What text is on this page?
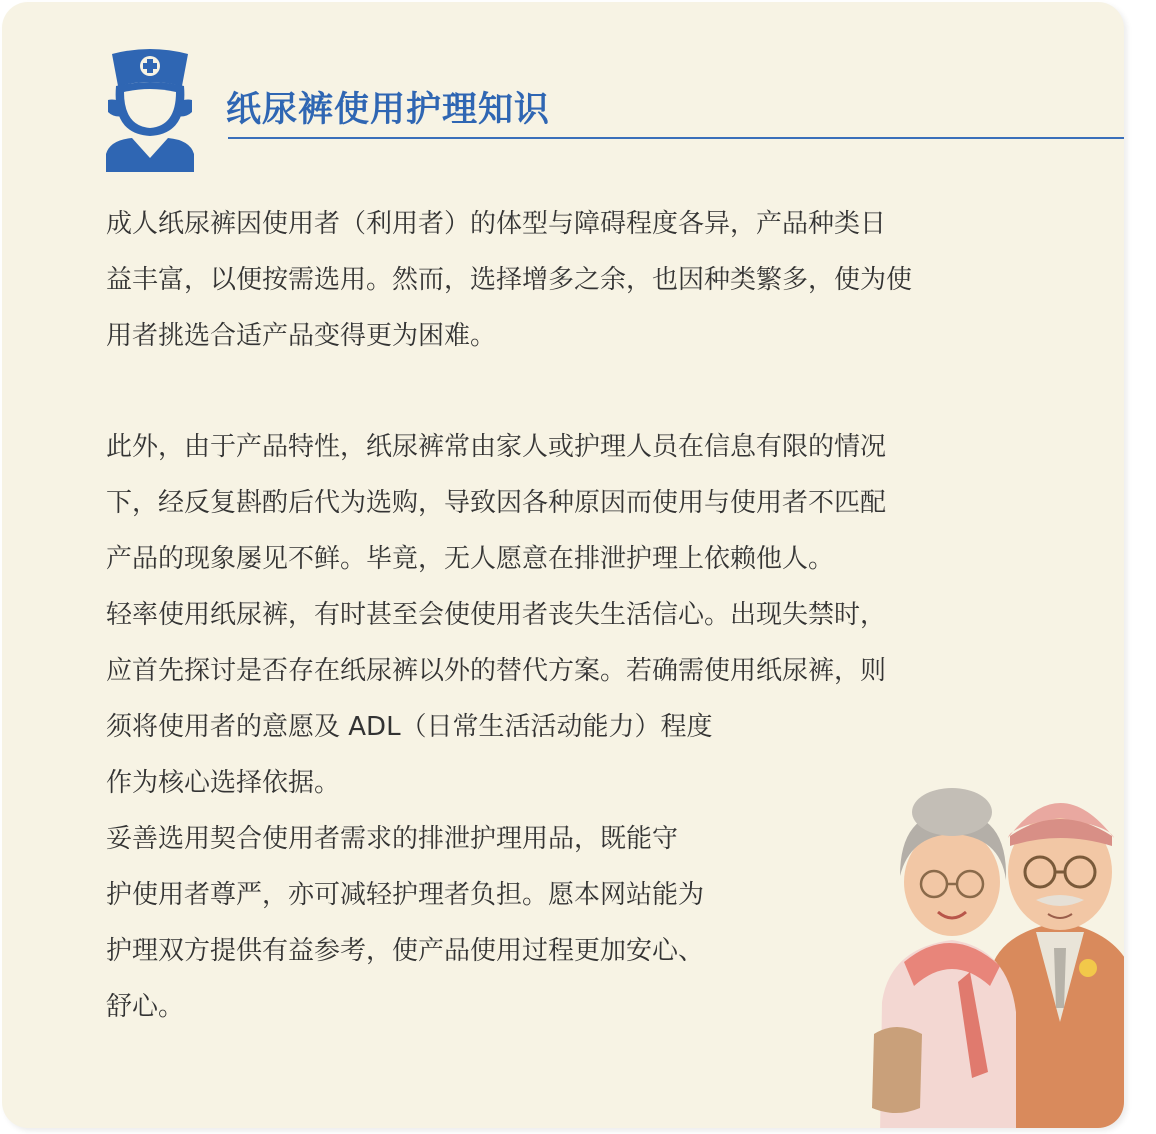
纸尿裤使用护理知识
成人纸尿裤因使用者（利用者）的体型与障碍程度各异，产品种类日
益丰富，以便按需选用。然而，选择增多之余，也因种类繁多，使为使
用者挑选合适产品变得更为困难。
此外，由于产品特性，纸尿裤常由家人或护理人员在信息有限的情况
下，经反复斟酌后代为选购，导致因各种原因而使用与使用者不匹配
产品的现象屡见不鲜。毕竟，无人愿意在排泄护理上依赖他人。
轻率使用纸尿裤，有时甚至会使使用者丧失生活信心。出现失禁时，
应首先探讨是否存在纸尿裤以外的替代方案。若确需使用纸尿裤，则
须将使用者的意愿及 ADL（日常生活活动能力）程度
作为核心选择依据。
妥善选用契合使用者需求的排泄护理用品，既能守
护使用者尊严，亦可减轻护理者负担。愿本网站能为
护理双方提供有益参考，使产品使用过程更加安心、
舒心。
